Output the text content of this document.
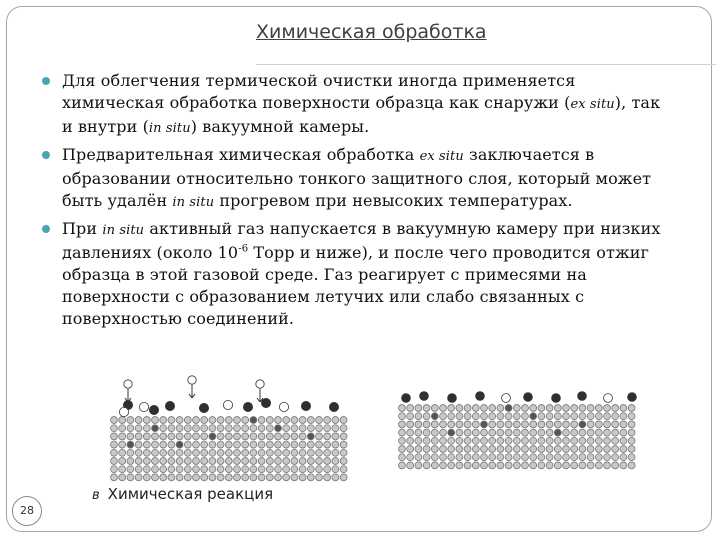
Химическая обработка
Для облегчения термической очистки иногда применяется химическая обработка поверхности образца как снаружи (ex situ), так и внутри (in situ) вакуумной камеры.
Предварительная химическая обработка ex situ заключается в образовании относительно тонкого защитного слоя, который может быть удалён in situ прогревом при невысоких температурах.
При in situ активный газ напускается в вакуумную камеру при низких давлениях (около $10^{-6}$ Торр и ниже), и после чего проводится отжиг образца в этой газовой среде. Газ реагирует с примесями на поверхности с образованием летучих или слабо связанных с поверхностью соединений.
в Химическая реакция
28
